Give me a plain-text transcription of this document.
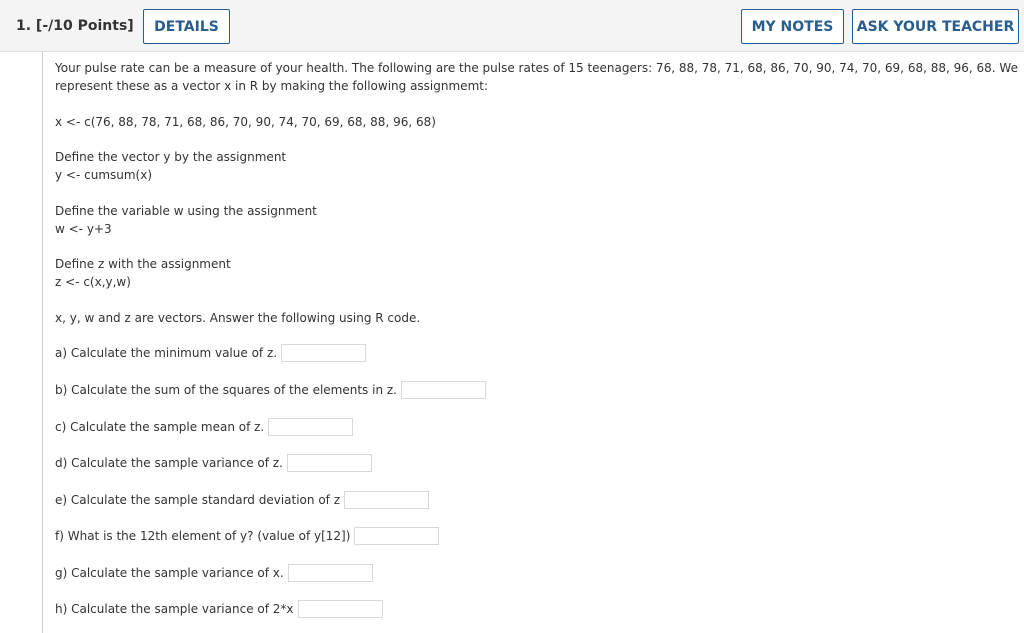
1. [-/10 Points]	DETAILS	MY NOTES	ASK YOUR TEACHER
Your pulse rate can be a measure of your health. The following are the pulse rates of 15 teenagers: 76, 88, 78, 71, 68, 86, 70, 90, 74, 70, 69, 68, 88, 96, 68. We
represent these as a vector x in R by making the following assignmemt:
x <- c(76, 88, 78, 71, 68, 86, 70, 90, 74, 70, 69, 68, 88, 96, 68)
Define the vector y by the assignment
y <- cumsum(x)
Define the variable w using the assignment
w <- y+3
Define z with the assignment
z <- c(x,y,w)
x, y, w and z are vectors. Answer the following using R code.
a) Calculate the minimum value of z.
b) Calculate the sum of the squares of the elements in z.
c) Calculate the sample mean of z.
d) Calculate the sample variance of z.
e) Calculate the sample standard deviation of z
f) What is the 12th element of y? (value of y[12])
g) Calculate the sample variance of x.
h) Calculate the sample variance of 2*x
